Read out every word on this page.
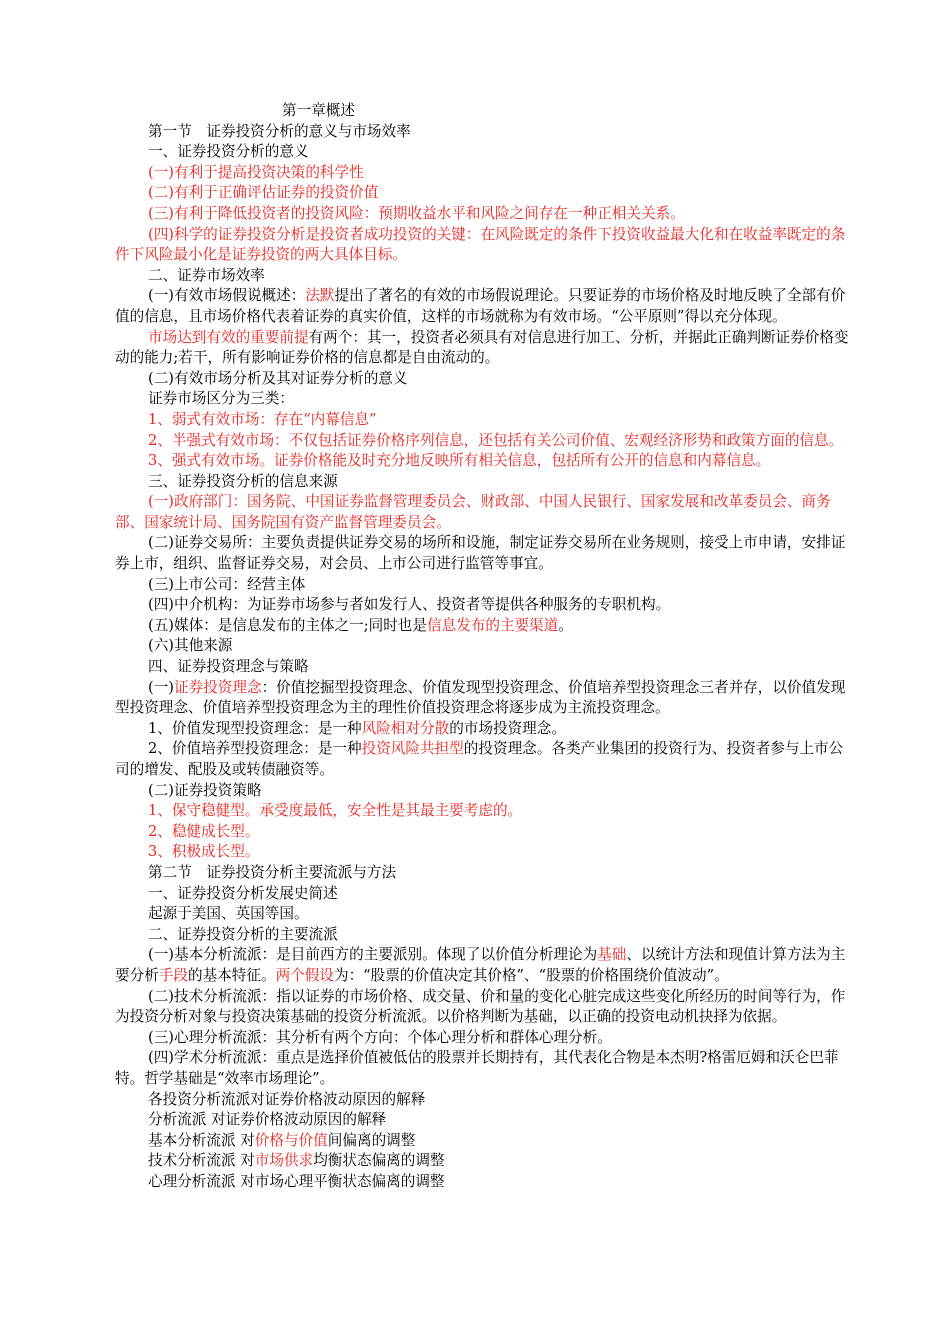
第一章概述

第一节　证券投资分析的意义与市场效率

一、证券投资分析的意义

(一)有利于提高投资决策的科学性

(二)有利于正确评估证券的投资价值

(三)有利于降低投资者的投资风险：预期收益水平和风险之间存在一种正相关关系。

(四)科学的证券投资分析是投资者成功投资的关键：在风险既定的条件下投资收益最大化和在收益率既定的条件下风险最小化是证券投资的两大具体目标。

二、证券市场效率

(一)有效市场假说概述：法默提出了著名的有效的市场假说理论。只要证券的市场价格及时地反映了全部有价值的信息，且市场价格代表着证券的真实价值，这样的市场就称为有效市场。“公平原则”得以充分体现。

市场达到有效的重要前提有两个：其一，投资者必须具有对信息进行加工、分析，并据此正确判断证券价格变动的能力;若干，所有影响证券价格的信息都是自由流动的。

(二)有效市场分析及其对证券分析的意义

证券市场区分为三类：

1、弱式有效市场：存在“内幕信息”

2、半强式有效市场：不仅包括证券价格序列信息，还包括有关公司价值、宏观经济形势和政策方面的信息。

3、强式有效市场。证券价格能及时充分地反映所有相关信息，包括所有公开的信息和内幕信息。

三、证券投资分析的信息来源

(一)政府部门：国务院、中国证券监督管理委员会、财政部、中国人民银行、国家发展和改革委员会、商务部、国家统计局、国务院国有资产监督管理委员会。

(二)证券交易所：主要负责提供证券交易的场所和设施，制定证券交易所在业务规则，接受上市申请，安排证券上市，组织、监督证券交易，对会员、上市公司进行监管等事宜。

(三)上市公司：经营主体

(四)中介机构：为证券市场参与者如发行人、投资者等提供各种服务的专职机构。

(五)媒体：是信息发布的主体之一;同时也是信息发布的主要渠道。

(六)其他来源

四、证券投资理念与策略

(一)证券投资理念：价值挖掘型投资理念、价值发现型投资理念、价值培养型投资理念三者并存，以价值发现型投资理念、价值培养型投资理念为主的理性价值投资理念将逐步成为主流投资理念。

1、价值发现型投资理念：是一种风险相对分散的市场投资理念。

2、价值培养型投资理念：是一种投资风险共担型的投资理念。各类产业集团的投资行为、投资者参与上市公司的增发、配股及或转债融资等。

(二)证券投资策略

1、保守稳健型。承受度最低，安全性是其最主要考虑的。

2、稳健成长型。

3、积极成长型。

第二节　证券投资分析主要流派与方法

一、证券投资分析发展史简述

起源于美国、英国等国。

二、证券投资分析的主要流派

(一)基本分析流派：是目前西方的主要派别。体现了以价值分析理论为基础、以统计方法和现值计算方法为主要分析手段的基本特征。两个假设为：“股票的价值决定其价格”、“股票的价格围绕价值波动”。

(二)技术分析流派：指以证券的市场价格、成交量、价和量的变化心脏完成这些变化所经历的时间等行为，作为投资分析对象与投资决策基础的投资分析流派。以价格判断为基础，以正确的投资电动机抉择为依据。

(三)心理分析流派：其分析有两个方向：个体心理分析和群体心理分析。

(四)学术分析流派：重点是选择价值被低估的股票并长期持有，其代表化合物是本杰明?格雷厄姆和沃仑巴菲特。哲学基础是“效率市场理论”。

各投资分析流派对证券价格波动原因的解释

分析流派 对证券价格波动原因的解释

基本分析流派 对价格与价值间偏离的调整

技术分析流派 对市场供求均衡状态偏离的调整

心理分析流派 对市场心理平衡状态偏离的调整
